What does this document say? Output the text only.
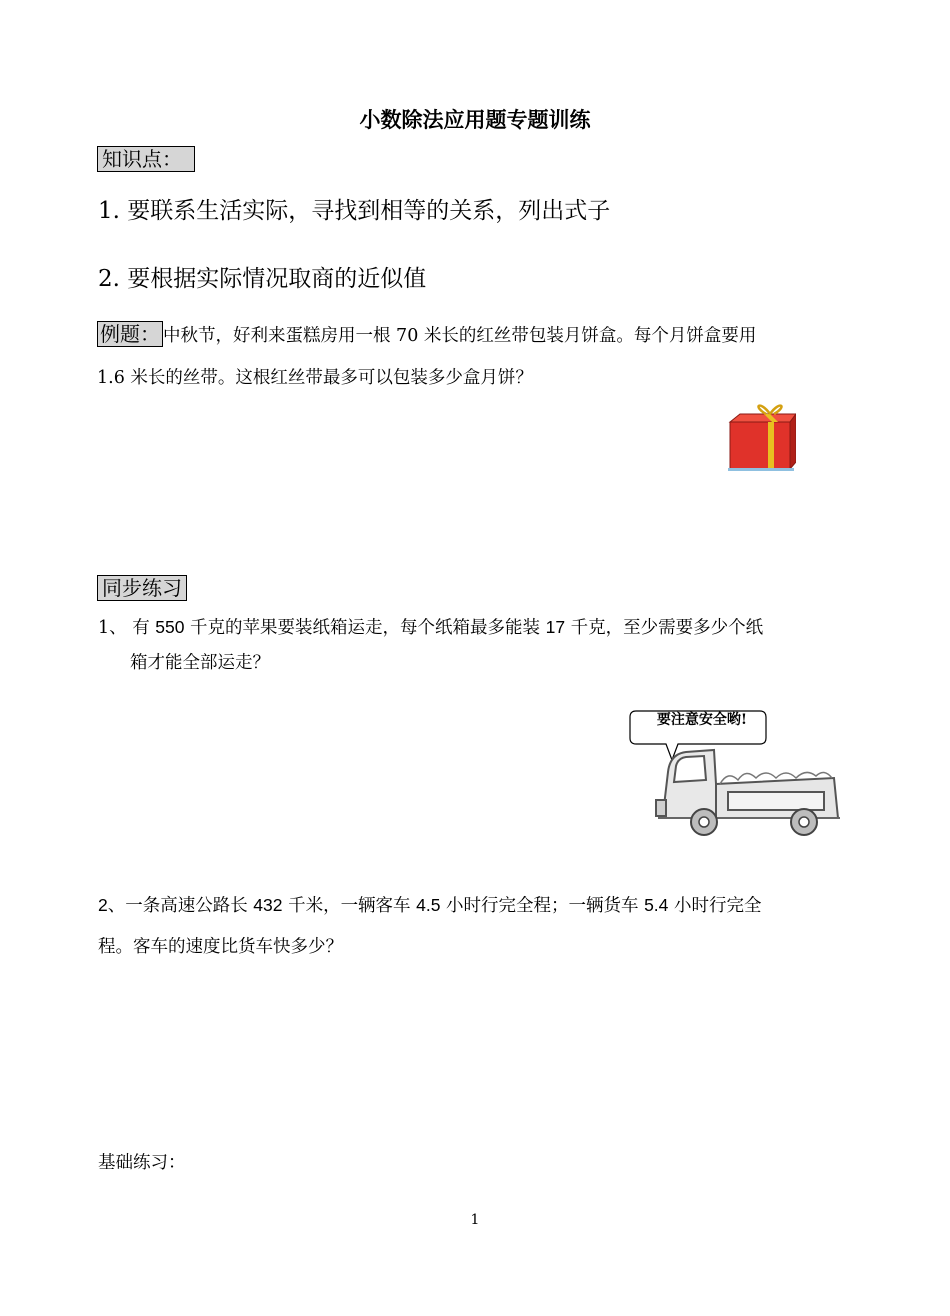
小数除法应用题专题训练
知识点：
1. 要联系生活实际，寻找到相等的关系，列出式子
2. 要根据实际情况取商的近似值
例题： 中秋节，好利来蛋糕房用一根 70 米长的红丝带包装月饼盒。每个月饼盒要用
1.6 米长的丝带。这根红丝带最多可以包装多少盒月饼？
同步练习
1、 有 550 千克的苹果要装纸箱运走，每个纸箱最多能装 17 千克，至少需要多少个纸
箱才能全部运走？
要注意安全哟!
2、一条高速公路长 432 千米，一辆客车 4.5 小时行完全程；一辆货车 5.4 小时行完全
程。客车的速度比货车快多少？
基础练习：
1
